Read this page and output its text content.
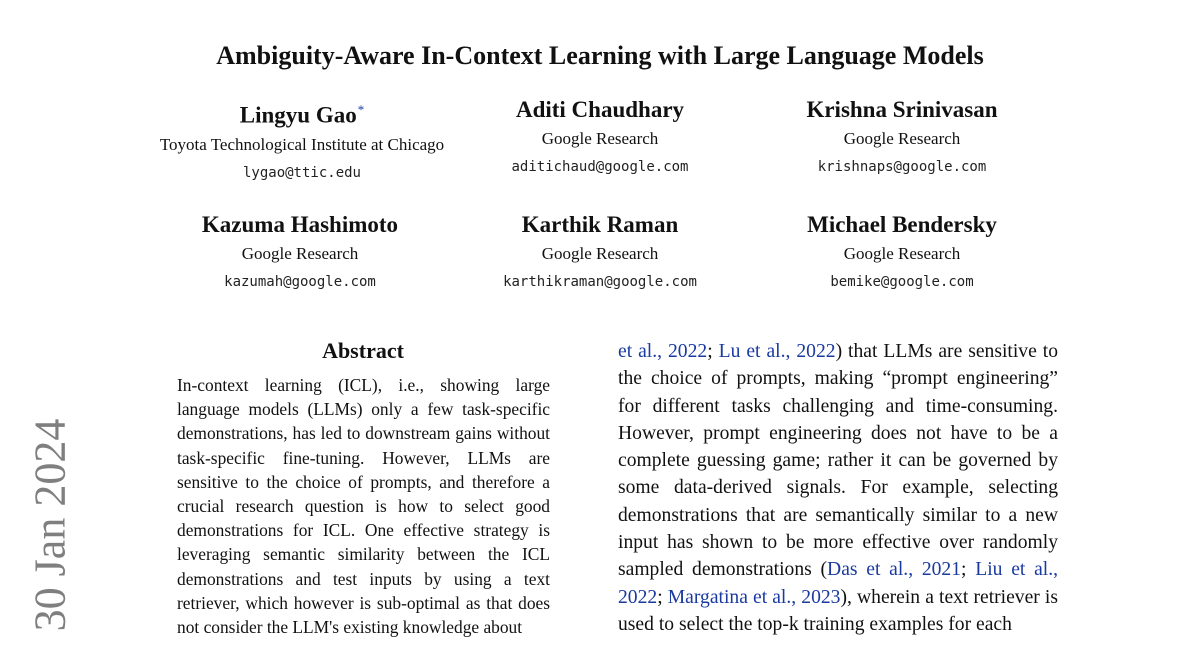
Ambiguity-Aware In-Context Learning with Large Language Models
Lingyu Gao*
Toyota Technological Institute at Chicago
lygao@ttic.edu
Aditi Chaudhary
Google Research
aditichaud@google.com
Krishna Srinivasan
Google Research
krishnaps@google.com
Kazuma Hashimoto
Google Research
kazumah@google.com
Karthik Raman
Google Research
karthikraman@google.com
Michael Bendersky
Google Research
bemike@google.com
30 Jan 2024
Abstract
In-context learning (ICL), i.e., showing large language models (LLMs) only a few task-specific demonstrations, has led to downstream gains without task-specific fine-tuning. However, LLMs are sensitive to the choice of prompts, and therefore a crucial research question is how to select good demonstrations for ICL. One effective strategy is leveraging semantic similarity between the ICL demonstrations and test inputs by using a text retriever, which however is sub-optimal as that does not consider the LLM's existing knowledge about
et al., 2022; Lu et al., 2022) that LLMs are sensitive to the choice of prompts, making “prompt engineering” for different tasks challenging and time-consuming. However, prompt engineering does not have to be a complete guessing game; rather it can be governed by some data-derived signals. For example, selecting demonstrations that are semantically similar to a new input has shown to be more effective over randomly sampled demonstrations (Das et al., 2021; Liu et al., 2022; Margatina et al., 2023), wherein a text retriever is used to select the top-k training examples for each
